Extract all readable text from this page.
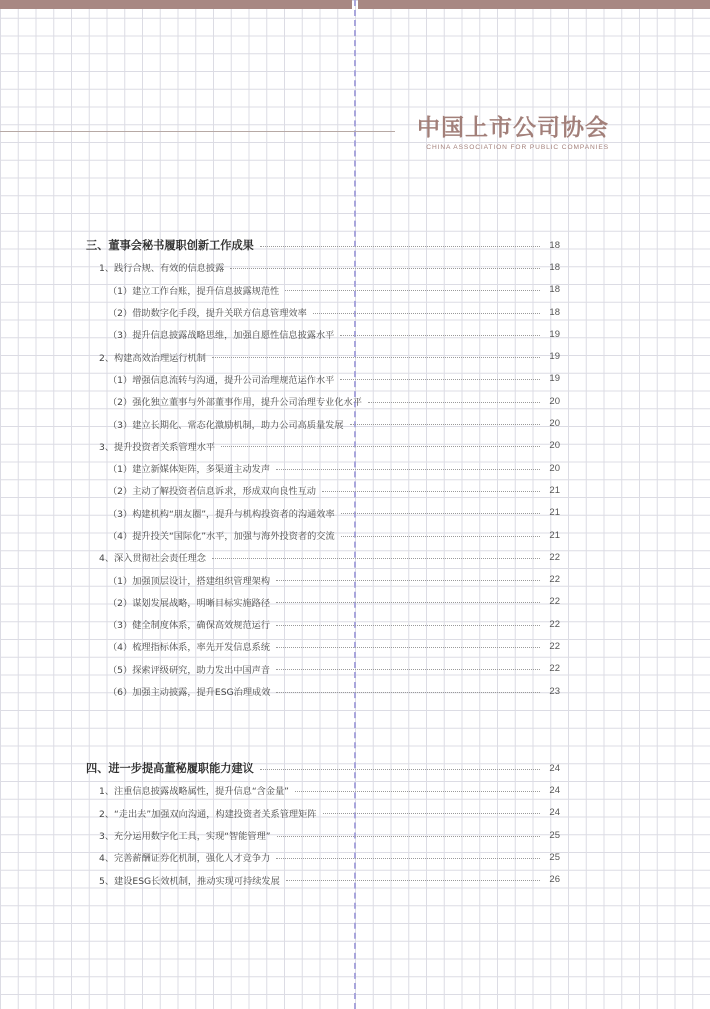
中国上市公司协会
CHINA ASSOCIATION FOR PUBLIC COMPANIES
三、董事会秘书履职创新工作成果	18
1、践行合规、有效的信息披露	18
（1）建立工作台账，提升信息披露规范性	18
（2）借助数字化手段，提升关联方信息管理效率	18
（3）提升信息披露战略思维，加强自愿性信息披露水平	19
2、构建高效治理运行机制	19
（1）增强信息流转与沟通，提升公司治理规范运作水平	19
（2）强化独立董事与外部董事作用，提升公司治理专业化水平	20
（3）建立长期化、常态化激励机制，助力公司高质量发展	20
3、提升投资者关系管理水平	20
（1）建立新媒体矩阵，多渠道主动发声	20
（2）主动了解投资者信息诉求，形成双向良性互动	21
（3）构建机构“朋友圈”，提升与机构投资者的沟通效率	21
（4）提升投关“国际化”水平，加强与海外投资者的交流	21
4、深入贯彻社会责任理念	22
（1）加强顶层设计，搭建组织管理架构	22
（2）谋划发展战略，明晰目标实施路径	22
（3）健全制度体系，确保高效规范运行	22
（4）梳理指标体系，率先开发信息系统	22
（5）探索评级研究，助力发出中国声音	22
（6）加强主动披露，提升ESG治理成效	23
四、进一步提高董秘履职能力建议	24
1、注重信息披露战略属性，提升信息“含金量”	24
2、“走出去”加强双向沟通，构建投资者关系管理矩阵	24
3、充分运用数字化工具，实现“智能管理”	25
4、完善薪酬证券化机制，强化人才竞争力	25
5、建设ESG长效机制，推动实现可持续发展	26
